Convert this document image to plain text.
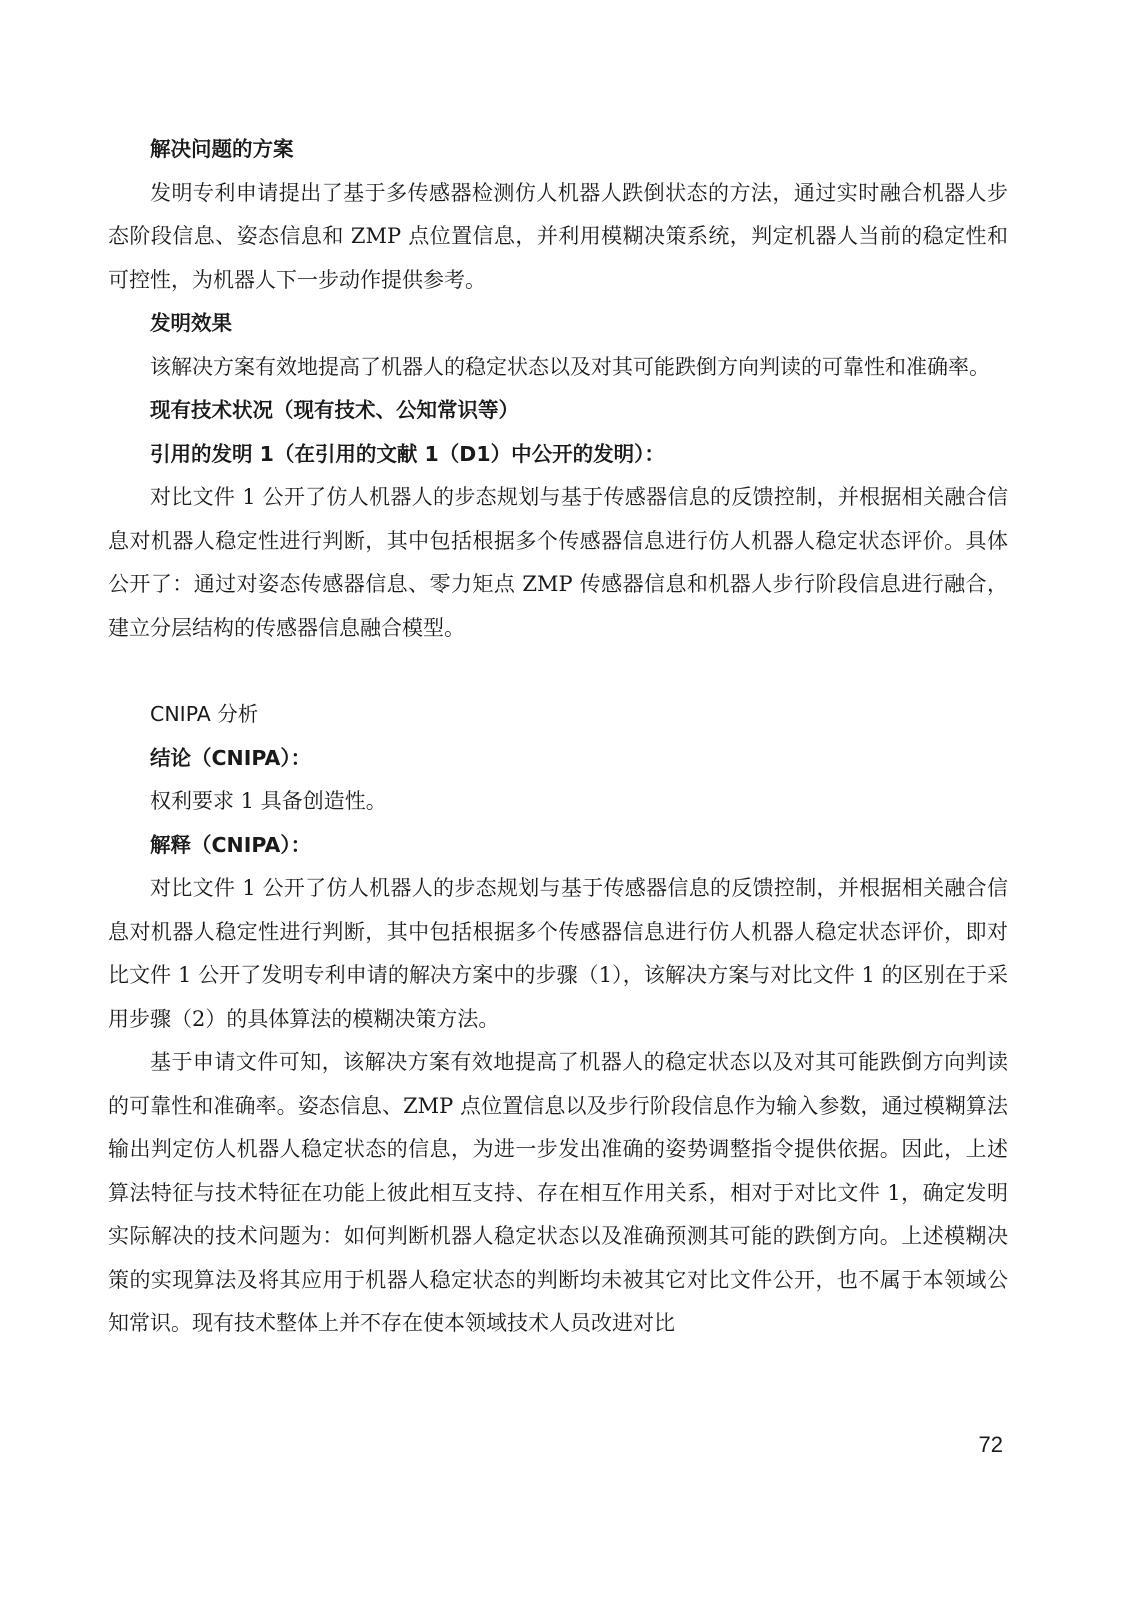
解决问题的方案
发明专利申请提出了基于多传感器检测仿人机器人跌倒状态的方法，通过实时融合机器人步态阶段信息、姿态信息和 ZMP 点位置信息，并利用模糊决策系统，判定机器人当前的稳定性和可控性，为机器人下一步动作提供参考。
发明效果
该解决方案有效地提高了机器人的稳定状态以及对其可能跌倒方向判读的可靠性和准确率。
现有技术状况（现有技术、公知常识等）
引用的发明 1（在引用的文献 1（D1）中公开的发明）：
对比文件 1 公开了仿人机器人的步态规划与基于传感器信息的反馈控制，并根据相关融合信息对机器人稳定性进行判断，其中包括根据多个传感器信息进行仿人机器人稳定状态评价。具体公开了：通过对姿态传感器信息、零力矩点 ZMP 传感器信息和机器人步行阶段信息进行融合，建立分层结构的传感器信息融合模型。
CNIPA 分析
结论（CNIPA）：
权利要求 1 具备创造性。
解释（CNIPA）：
对比文件 1 公开了仿人机器人的步态规划与基于传感器信息的反馈控制，并根据相关融合信息对机器人稳定性进行判断，其中包括根据多个传感器信息进行仿人机器人稳定状态评价，即对比文件 1 公开了发明专利申请的解决方案中的步骤（1），该解决方案与对比文件 1 的区别在于采用步骤（2）的具体算法的模糊决策方法。
基于申请文件可知，该解决方案有效地提高了机器人的稳定状态以及对其可能跌倒方向判读的可靠性和准确率。姿态信息、ZMP 点位置信息以及步行阶段信息作为输入参数，通过模糊算法输出判定仿人机器人稳定状态的信息，为进一步发出准确的姿势调整指令提供依据。因此，上述算法特征与技术特征在功能上彼此相互支持、存在相互作用关系，相对于对比文件 1，确定发明实际解决的技术问题为：如何判断机器人稳定状态以及准确预测其可能的跌倒方向。上述模糊决策的实现算法及将其应用于机器人稳定状态的判断均未被其它对比文件公开，也不属于本领域公知常识。现有技术整体上并不存在使本领域技术人员改进对比
72
